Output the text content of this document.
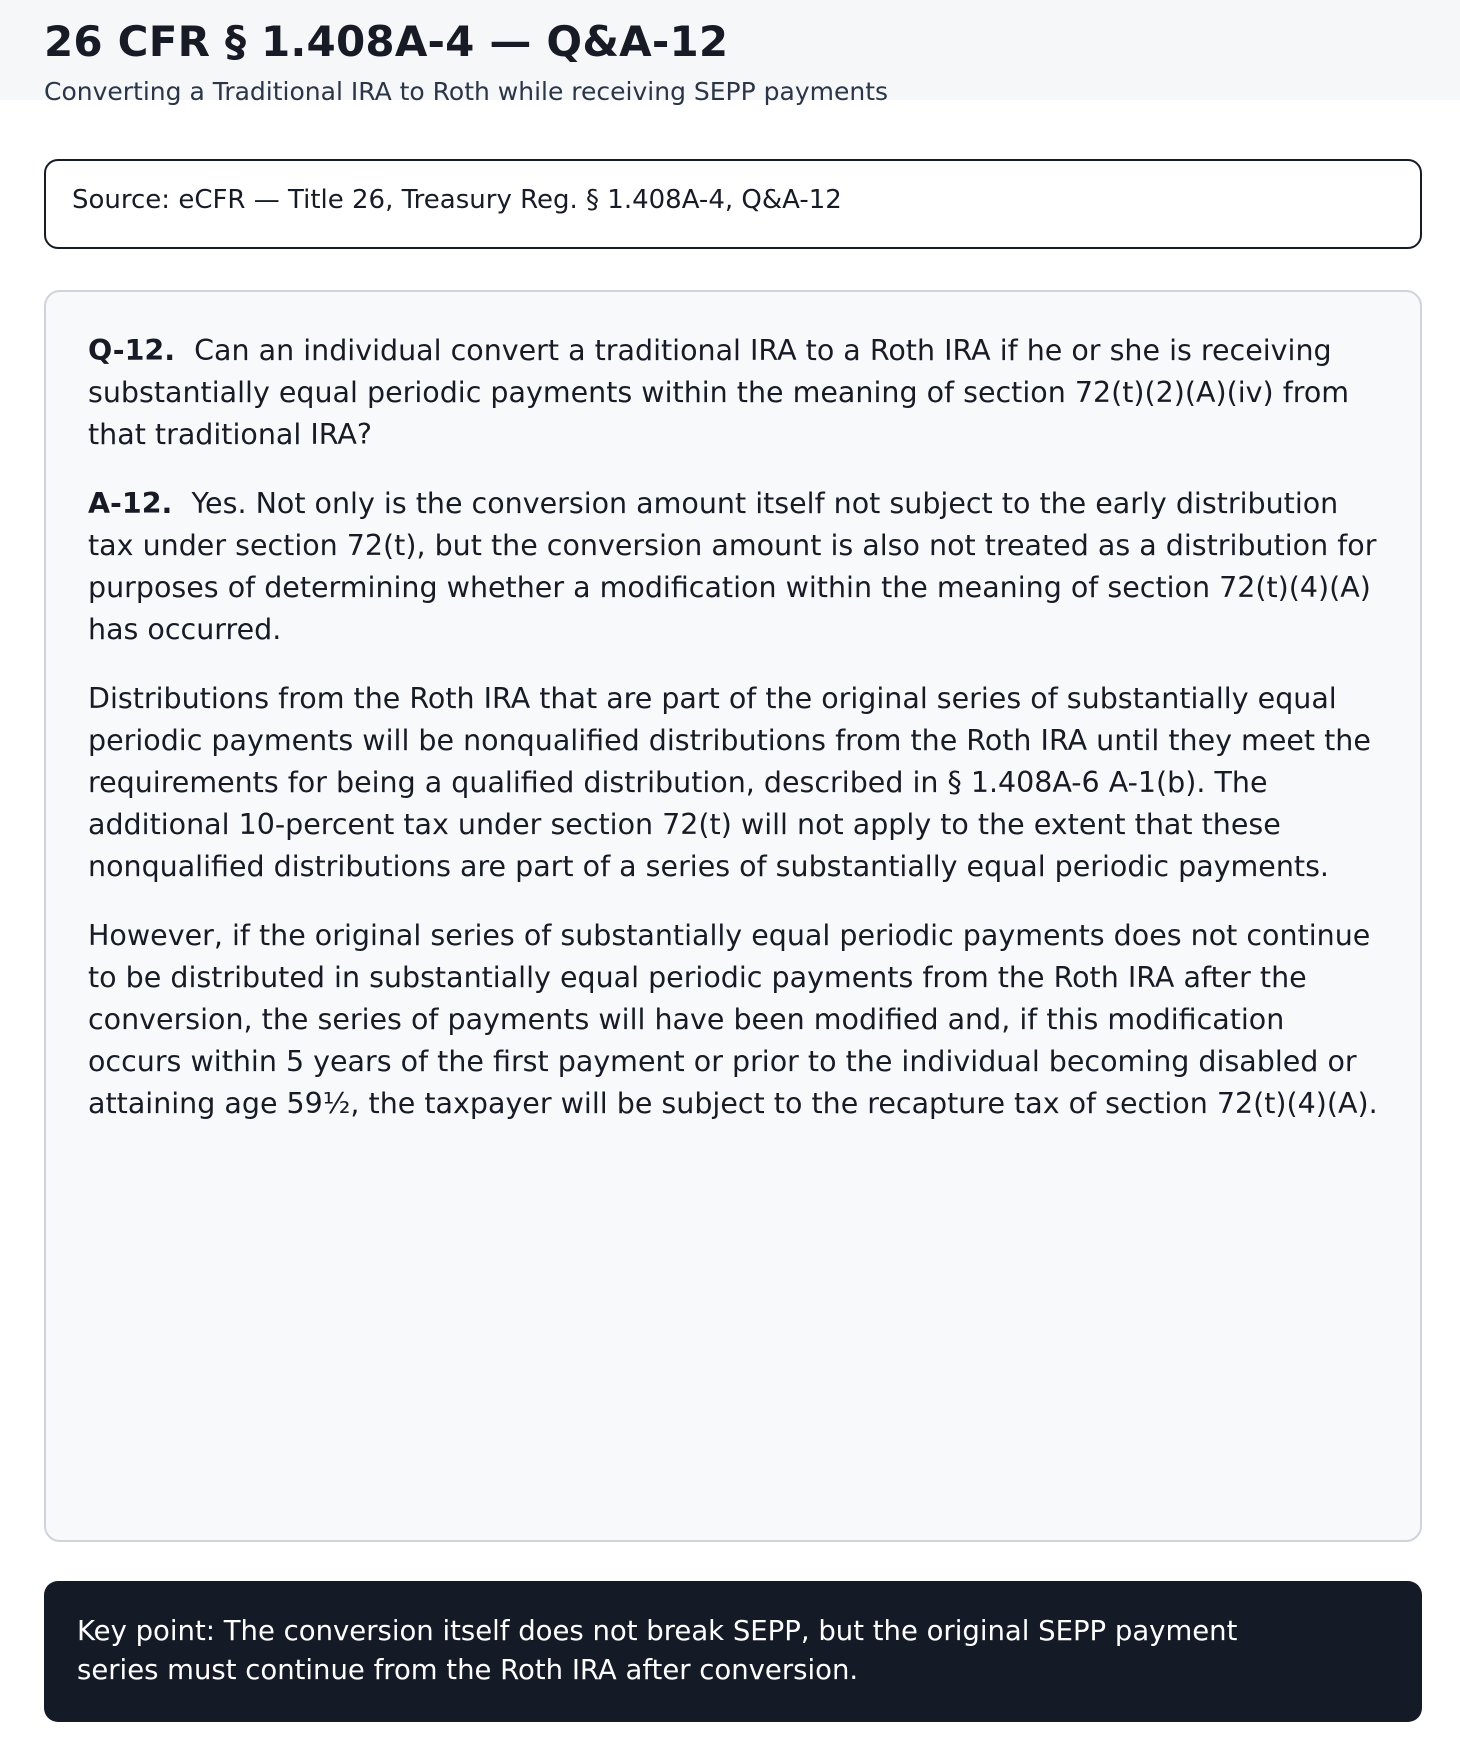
26 CFR § 1.408A-4 — Q&A-12

Converting a Traditional IRA to Roth while receiving SEPP payments

Source: eCFR — Title 26, Treasury Reg. § 1.408A-4, Q&A-12

Q-12. Can an individual convert a traditional IRA to a Roth IRA if he or she is receiving substantially equal periodic payments within the meaning of section 72(t)(2)(A)(iv) from that traditional IRA?

A-12. Yes. Not only is the conversion amount itself not subject to the early distribution tax under section 72(t), but the conversion amount is also not treated as a distribution for purposes of determining whether a modification within the meaning of section 72(t)(4)(A) has occurred.

Distributions from the Roth IRA that are part of the original series of substantially equal periodic payments will be nonqualified distributions from the Roth IRA until they meet the requirements for being a qualified distribution, described in § 1.408A-6 A-1(b). The additional 10-percent tax under section 72(t) will not apply to the extent that these nonqualified distributions are part of a series of substantially equal periodic payments.

However, if the original series of substantially equal periodic payments does not continue to be distributed in substantially equal periodic payments from the Roth IRA after the conversion, the series of payments will have been modified and, if this modification occurs within 5 years of the first payment or prior to the individual becoming disabled or attaining age 59½, the taxpayer will be subject to the recapture tax of section 72(t)(4)(A).

Key point: The conversion itself does not break SEPP, but the original SEPP payment series must continue from the Roth IRA after conversion.
